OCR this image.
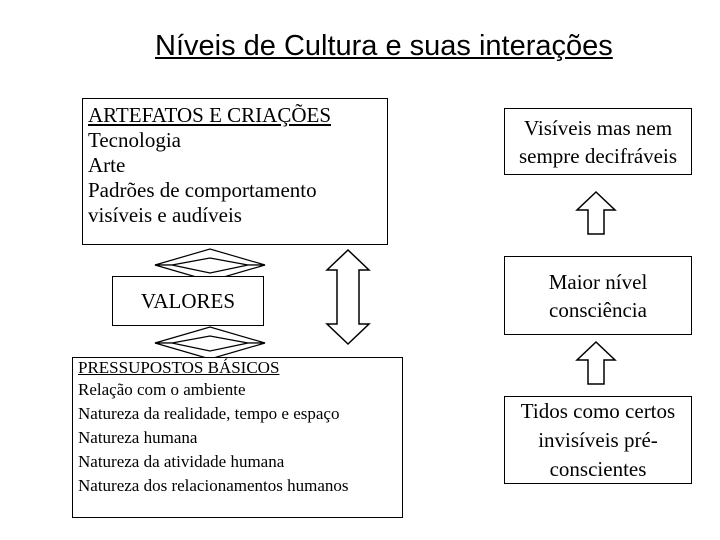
Níveis de Cultura e suas interações
ARTEFATOS E CRIAÇÕES
Tecnologia
Arte
Padrões de comportamento
visíveis e audíveis
VALORES
PRESSUPOSTOS BÁSICOS
Relação com o ambiente
Natureza da realidade, tempo e espaço
Natureza humana
Natureza da atividade humana
Natureza dos relacionamentos humanos
Visíveis mas nem
sempre decifráveis
Maior nível
consciência
Tidos como certos
invisíveis pré-
conscientes
